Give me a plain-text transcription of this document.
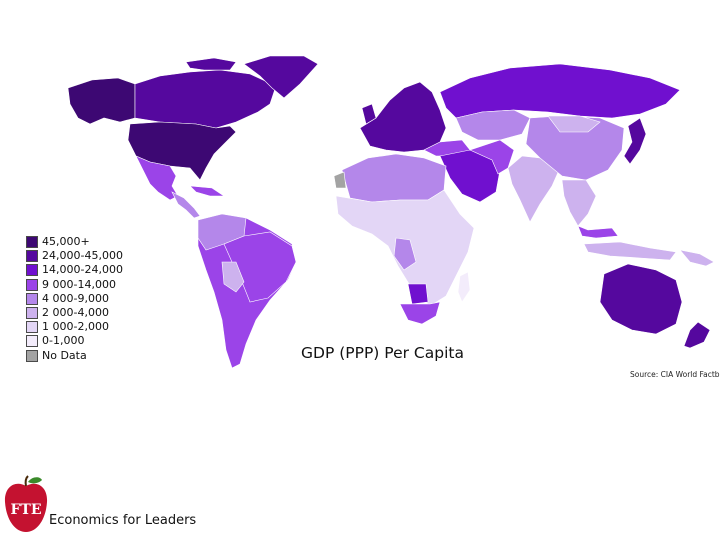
45,000+
24,000-45,000
14,000-24,000
9 000-14,000
4 000-9,000
2 000-4,000
1 000-2,000
0-1,000
No Data	GDP (PPP) Per Capita
Source: CIA World Factb
Economics for Leaders
FTE
